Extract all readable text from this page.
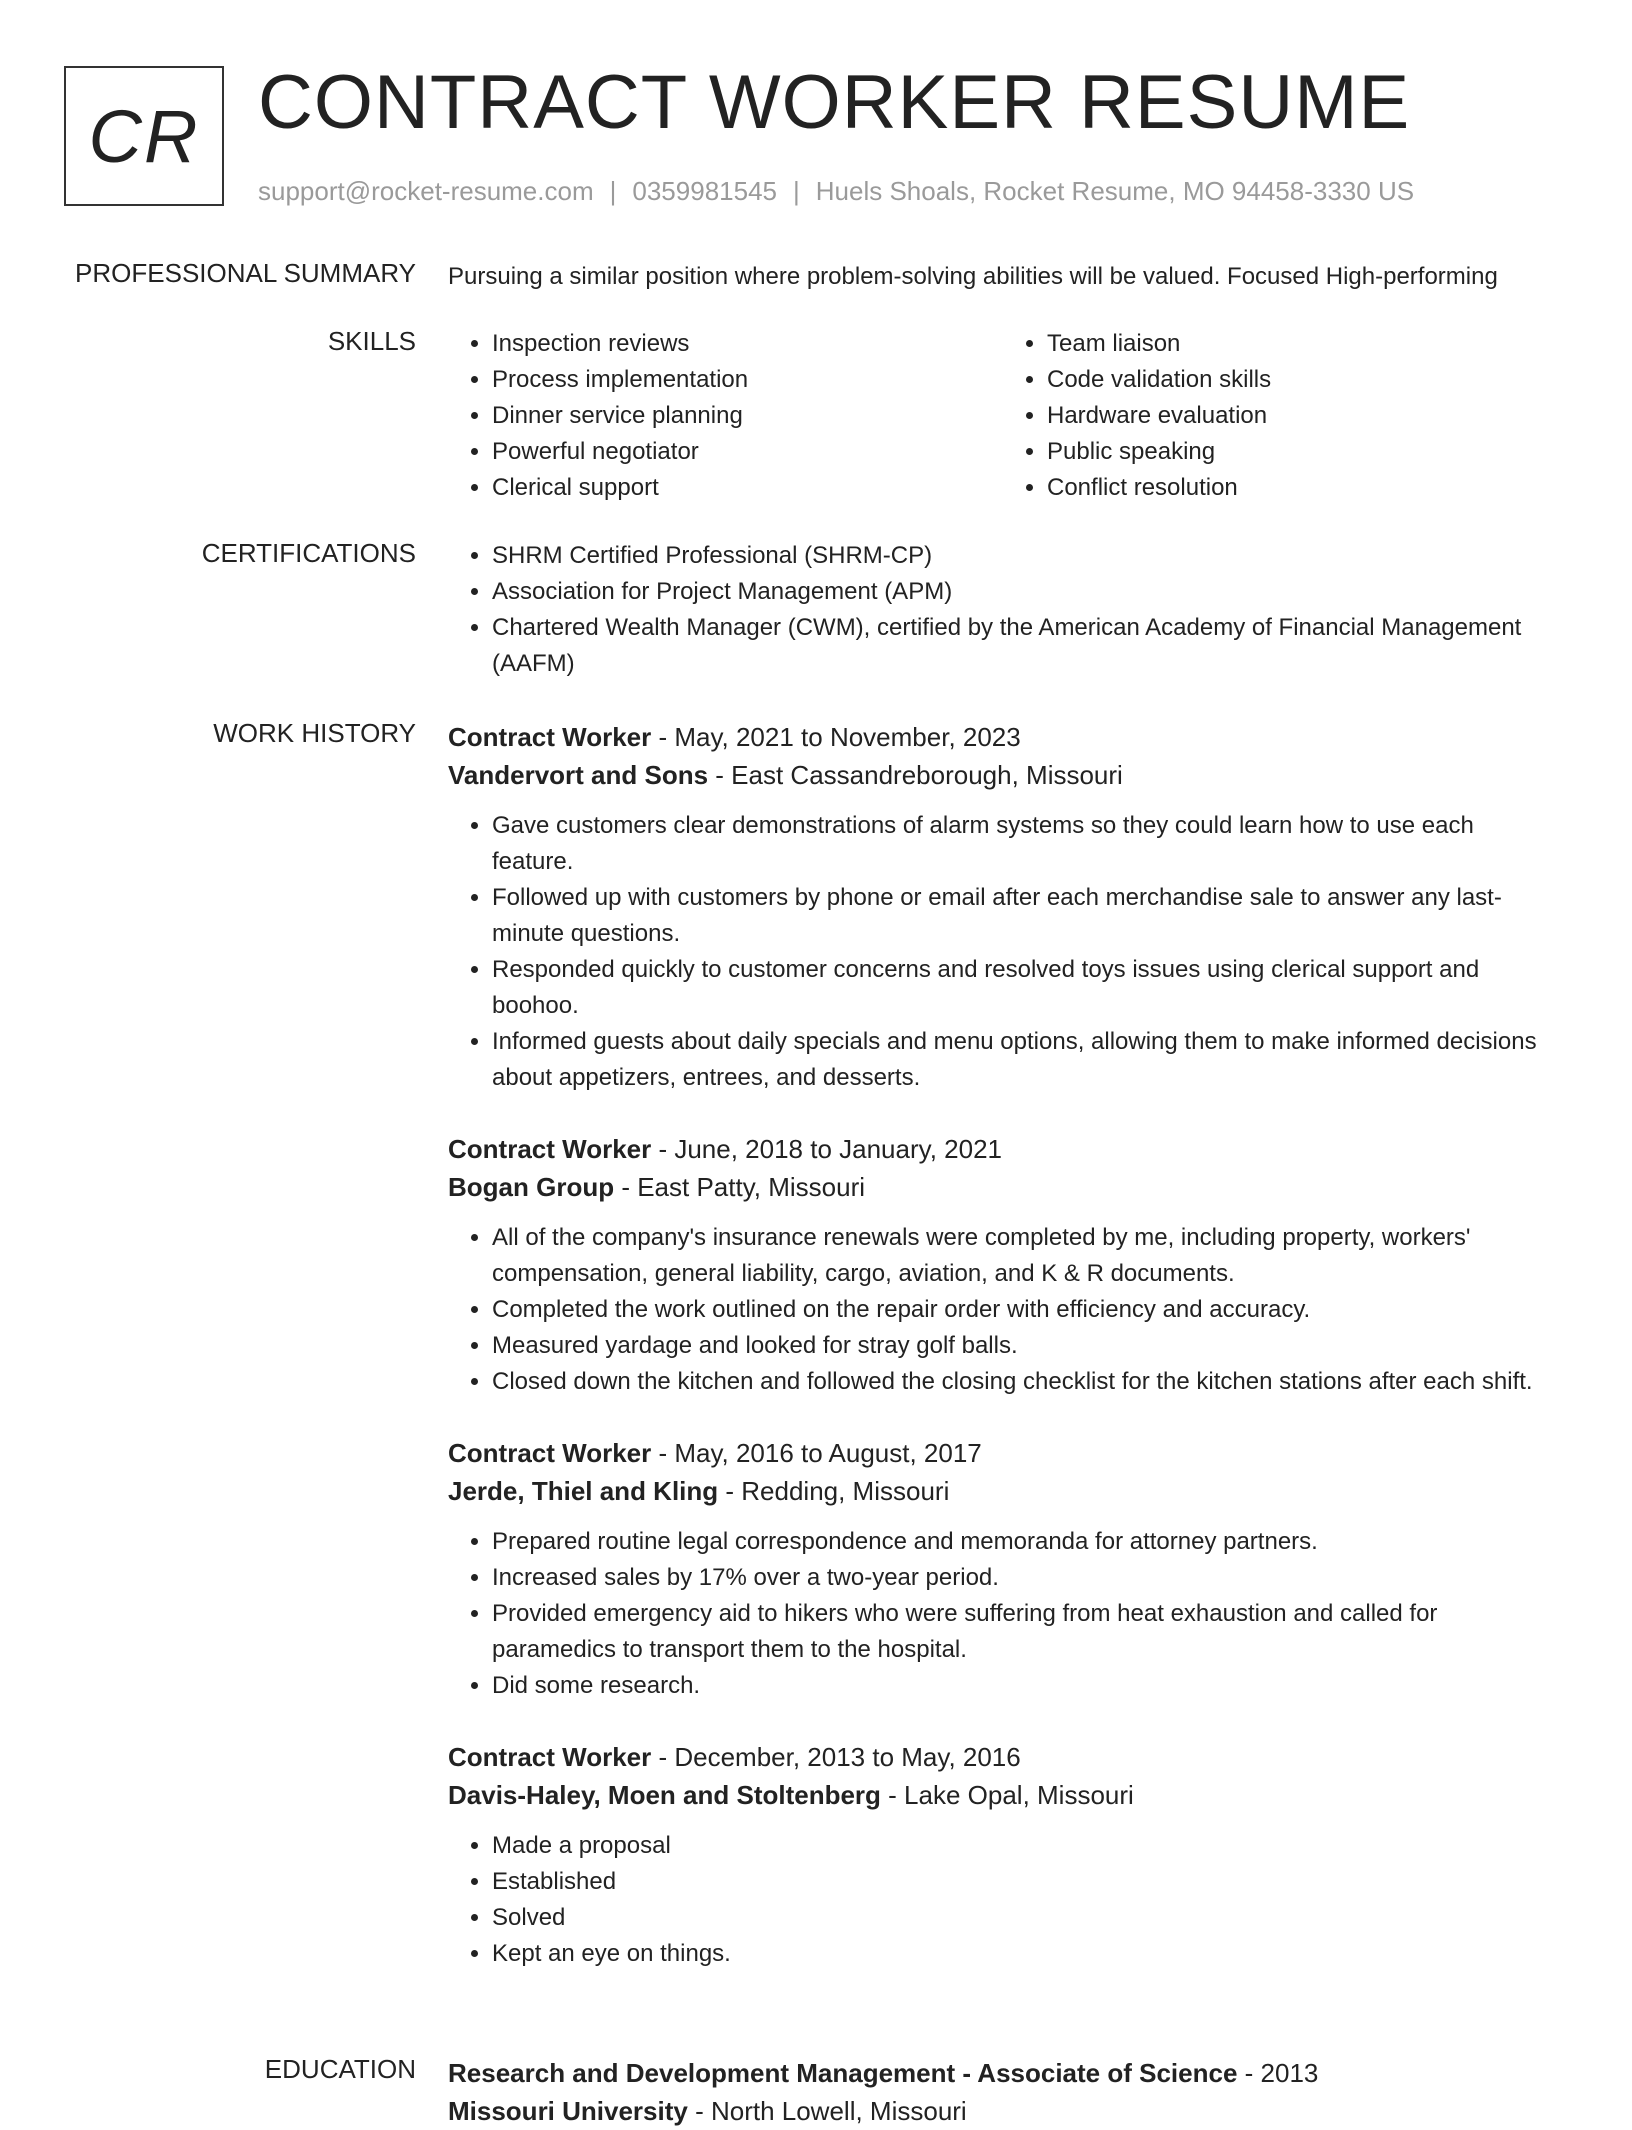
CR CONTRACT WORKER RESUME
support@rocket-resume.com | 0359981545 | Huels Shoals, Rocket Resume, MO 94458-3330 US
PROFESSIONAL SUMMARY Pursuing a similar position where problem-solving abilities will be valued. Focused High-performing
SKILLS	• Inspection reviews
• Process implementation
• Dinner service planning
• Powerful negotiator
• Clerical support
• Team liaison
• Code validation skills
• Hardware evaluation
• Public speaking
• Conflict resolution
CERTIFICATIONS	• SHRM Certified Professional (SHRM-CP)
• Association for Project Management (APM)
• Chartered Wealth Manager (CWM), certified by the American Academy of Financial Management (AAFM)
WORK HISTORY Contract Worker - May, 2021 to November, 2023
Vandervort and Sons - East Cassandreborough, Missouri
• Gave customers clear demonstrations of alarm systems so they could learn how to use each feature.
• Followed up with customers by phone or email after each merchandise sale to answer any last-minute questions.
• Responded quickly to customer concerns and resolved toys issues using clerical support and boohoo.
• Informed guests about daily specials and menu options, allowing them to make informed decisions about appetizers, entrees, and desserts.
Contract Worker - June, 2018 to January, 2021
Bogan Group - East Patty, Missouri
• All of the company's insurance renewals were completed by me, including property, workers' compensation, general liability, cargo, aviation, and K & R documents.
• Completed the work outlined on the repair order with efficiency and accuracy.
• Measured yardage and looked for stray golf balls.
• Closed down the kitchen and followed the closing checklist for the kitchen stations after each shift.
Contract Worker - May, 2016 to August, 2017
Jerde, Thiel and Kling - Redding, Missouri
• Prepared routine legal correspondence and memoranda for attorney partners.
• Increased sales by 17% over a two-year period.
• Provided emergency aid to hikers who were suffering from heat exhaustion and called for paramedics to transport them to the hospital.
• Did some research.
Contract Worker - December, 2013 to May, 2016
Davis-Haley, Moen and Stoltenberg - Lake Opal, Missouri
• Made a proposal
• Established
• Solved
• Kept an eye on things.
EDUCATION Research and Development Management - Associate of Science - 2013
Missouri University - North Lowell, Missouri
